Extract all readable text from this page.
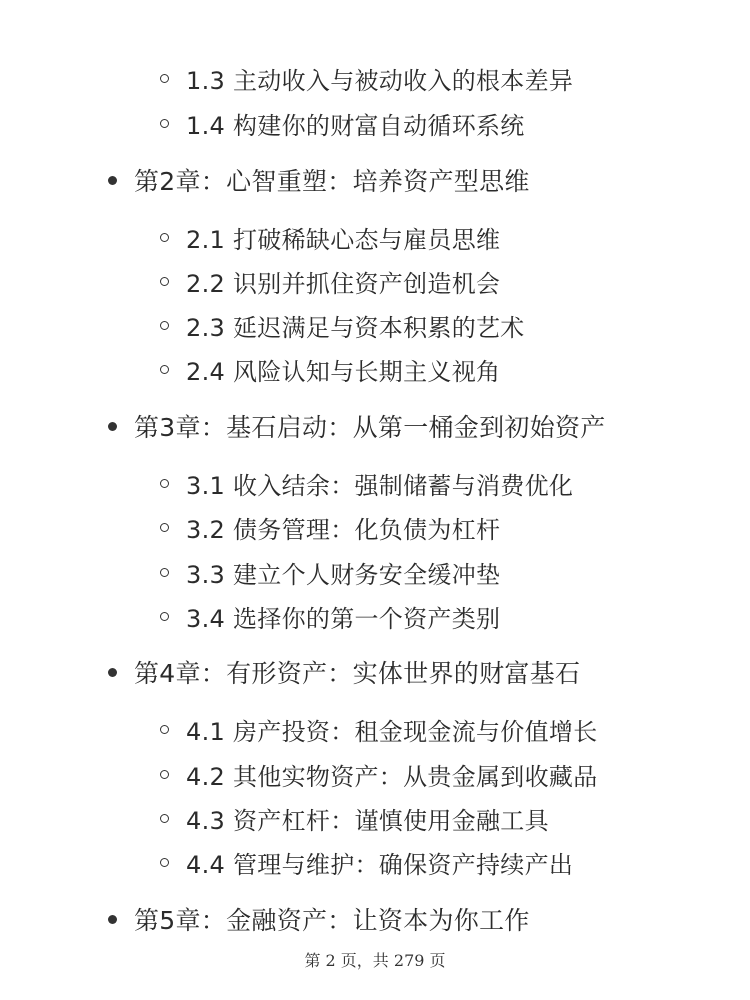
1.3 主动收入与被动收入的根本差异
1.4 构建你的财富自动循环系统
第2章：心智重塑：培养资产型思维
2.1 打破稀缺心态与雇员思维
2.2 识别并抓住资产创造机会
2.3 延迟满足与资本积累的艺术
2.4 风险认知与长期主义视角
第3章：基石启动：从第一桶金到初始资产
3.1 收入结余：强制储蓄与消费优化
3.2 债务管理：化负债为杠杆
3.3 建立个人财务安全缓冲垫
3.4 选择你的第一个资产类别
第4章：有形资产：实体世界的财富基石
4.1 房产投资：租金现金流与价值增长
4.2 其他实物资产：从贵金属到收藏品
4.3 资产杠杆：谨慎使用金融工具
4.4 管理与维护：确保资产持续产出
第5章：金融资产：让资本为你工作
第 2 页，共 279 页
